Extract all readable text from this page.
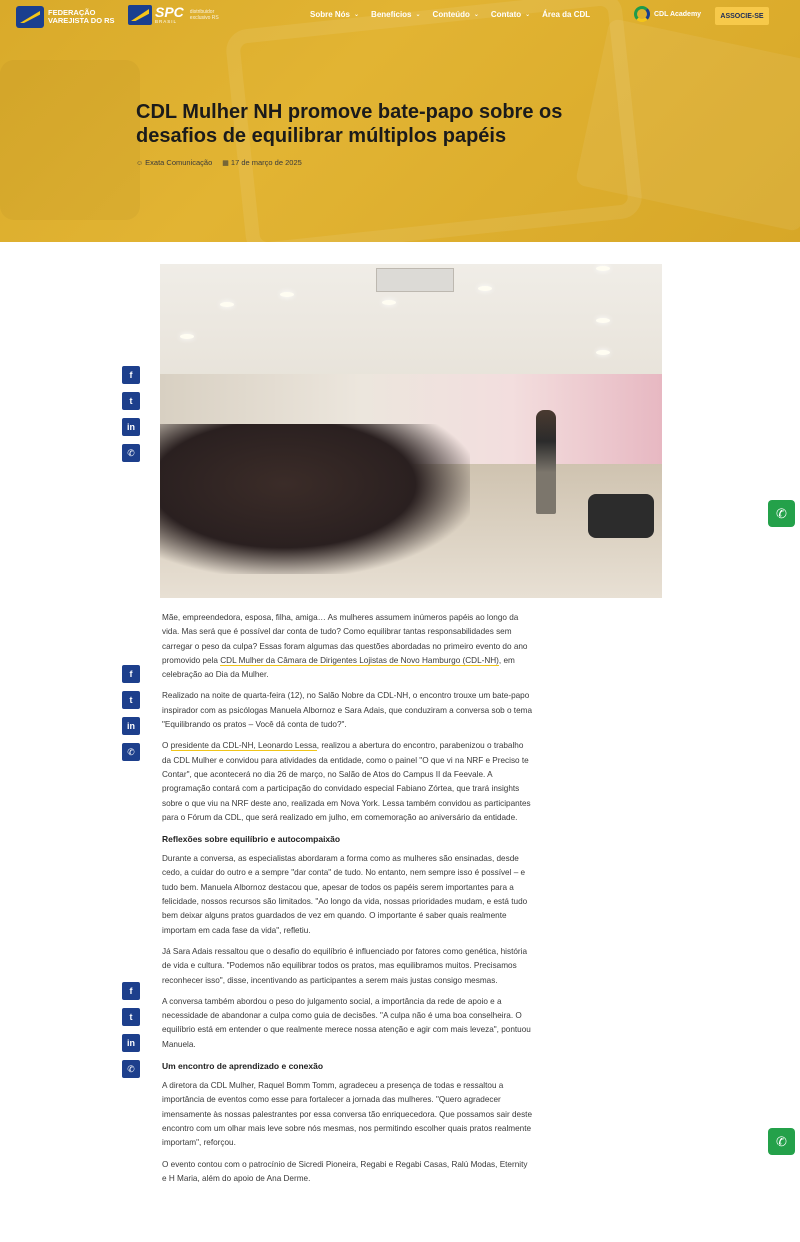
FEDERAÇÃO VAREJISTA DO RS
SPC
BRASIL
distribuidor exclusivo RS	Sobre Nós ⌄ Benefícios ⌄ Conteúdo ⌄ Contato ⌄ Área da CDL	CDL Academy	ASSOCIE-SE
CDL Mulher NH promove bate-papo sobre os desafios de equilibrar múltiplos papéis
☺ Exata Comunicação ▦ 17 de março de 2025
f
t
in
✆
f
t
in
✆
f
t
in
✆
✆
✆

Mãe, empreendedora, esposa, filha, amiga… As mulheres assumem inúmeros papéis ao longo da vida. Mas será que é possível dar conta de tudo? Como equilibrar tantas responsabilidades sem carregar o peso da culpa? Essas foram algumas das questões abordadas no primeiro evento do ano promovido pela CDL Mulher da Câmara de Dirigentes Lojistas de Novo Hamburgo (CDL-NH), em celebração ao Dia da Mulher.

Realizado na noite de quarta-feira (12), no Salão Nobre da CDL-NH, o encontro trouxe um bate-papo inspirador com as psicólogas Manuela Albornoz e Sara Adais, que conduziram a conversa sob o tema "Equilibrando os pratos – Você dá conta de tudo?".

O presidente da CDL-NH, Leonardo Lessa, realizou a abertura do encontro, parabenizou o trabalho da CDL Mulher e convidou para atividades da entidade, como o painel "O que vi na NRF e Preciso te Contar", que acontecerá no dia 26 de março, no Salão de Atos do Campus II da Feevale. A programação contará com a participação do convidado especial Fabiano Zórtea, que trará insights sobre o que viu na NRF deste ano, realizada em Nova York. Lessa também convidou as participantes para o Fórum da CDL, que será realizado em julho, em comemoração ao aniversário da entidade.

Reflexões sobre equilíbrio e autocompaixão

Durante a conversa, as especialistas abordaram a forma como as mulheres são ensinadas, desde cedo, a cuidar do outro e a sempre "dar conta" de tudo. No entanto, nem sempre isso é possível – e tudo bem. Manuela Albornoz destacou que, apesar de todos os papéis serem importantes para a felicidade, nossos recursos são limitados. "Ao longo da vida, nossas prioridades mudam, e está tudo bem deixar alguns pratos guardados de vez em quando. O importante é saber quais realmente importam em cada fase da vida", refletiu.

Já Sara Adais ressaltou que o desafio do equilíbrio é influenciado por fatores como genética, história de vida e cultura. "Podemos não equilibrar todos os pratos, mas equilibramos muitos. Precisamos reconhecer isso", disse, incentivando as participantes a serem mais justas consigo mesmas.

A conversa também abordou o peso do julgamento social, a importância da rede de apoio e a necessidade de abandonar a culpa como guia de decisões. "A culpa não é uma boa conselheira. O equilíbrio está em entender o que realmente merece nossa atenção e agir com mais leveza", pontuou Manuela.

Um encontro de aprendizado e conexão

A diretora da CDL Mulher, Raquel Bomm Tomm, agradeceu a presença de todas e ressaltou a importância de eventos como esse para fortalecer a jornada das mulheres. "Quero agradecer imensamente às nossas palestrantes por essa conversa tão enriquecedora. Que possamos sair deste encontro com um olhar mais leve sobre nós mesmas, nos permitindo escolher quais pratos realmente importam", reforçou.

O evento contou com o patrocínio de Sicredi Pioneira, Regabi e Regabi Casas, Ralú Modas, Eternity e H Maria, além do apoio de Ana Derme.
